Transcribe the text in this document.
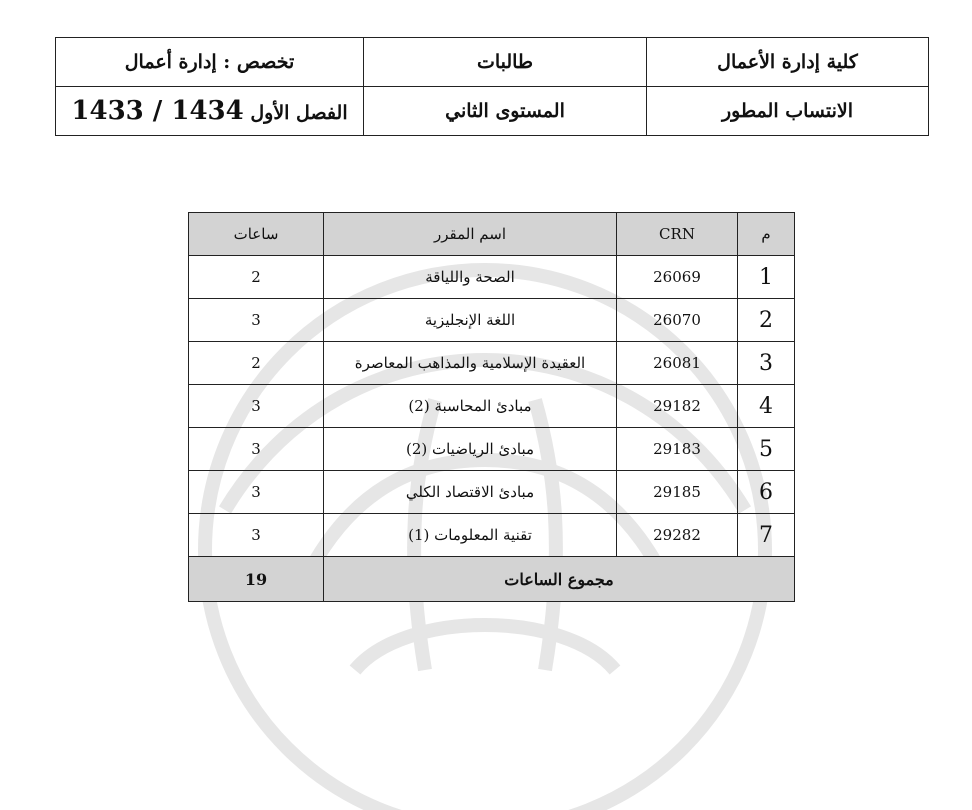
كلية إدارة الأعمال	طالبات	تخصص : إدارة أعمال
الانتساب المطور	المستوى الثاني	الفصل الأول 1433 / 1434
م	CRN	اسم المقرر	ساعات
1	26069	الصحة واللياقة	2
2	26070	اللغة الإنجليزية	3
3	26081	العقيدة الإسلامية والمذاهب المعاصرة	2
4	29182	مبادئ المحاسبة (2)	3
5	29183	مبادئ الرياضيات (2)	3
6	29185	مبادئ الاقتصاد الكلي	3
7	29282	تقنية المعلومات (1)	3
مجموع الساعات			19
